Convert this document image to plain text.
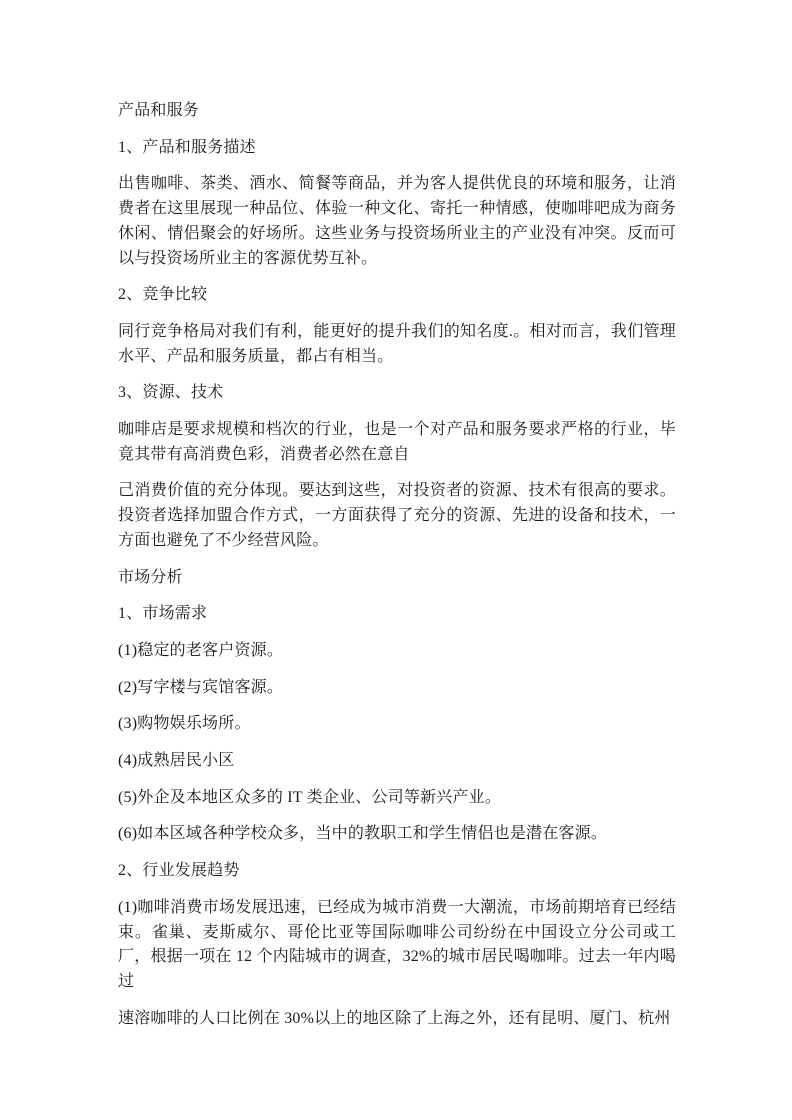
产品和服务

1、产品和服务描述

出售咖啡、茶类、酒水、简餐等商品，并为客人提供优良的环境和服务，让消费者在这里展现一种品位、体验一种文化、寄托一种情感，使咖啡吧成为商务休闲、情侣聚会的好场所。这些业务与投资场所业主的产业没有冲突。反而可以与投资场所业主的客源优势互补。

2、竞争比较

同行竞争格局对我们有利，能更好的提升我们的知名度.。相对而言，我们管理水平、产品和服务质量，都占有相当。

3、资源、技术

咖啡店是要求规模和档次的行业，也是一个对产品和服务要求严格的行业，毕竟其带有高消费色彩，消费者必然在意自

己消费价值的充分体现。要达到这些，对投资者的资源、技术有很高的要求。投资者选择加盟合作方式，一方面获得了充分的资源、先进的设备和技术，一方面也避免了不少经营风险。

市场分析

1、市场需求

(1)稳定的老客户资源。

(2)写字楼与宾馆客源。

(3)购物娱乐场所。

(4)成熟居民小区

(5)外企及本地区众多的 IT 类企业、公司等新兴产业。

(6)如本区域各种学校众多，当中的教职工和学生情侣也是潜在客源。

2、行业发展趋势

(1)咖啡消费市场发展迅速，已经成为城市消费一大潮流，市场前期培育已经结束。雀巢、麦斯威尔、哥伦比亚等国际咖啡公司纷纷在中国设立分公司或工厂，根据一项在 12 个内陆城市的调查，32%的城市居民喝咖啡。过去一年内喝过

速溶咖啡的人口比例在 30%以上的地区除了上海之外，还有昆明、厦门、杭州
